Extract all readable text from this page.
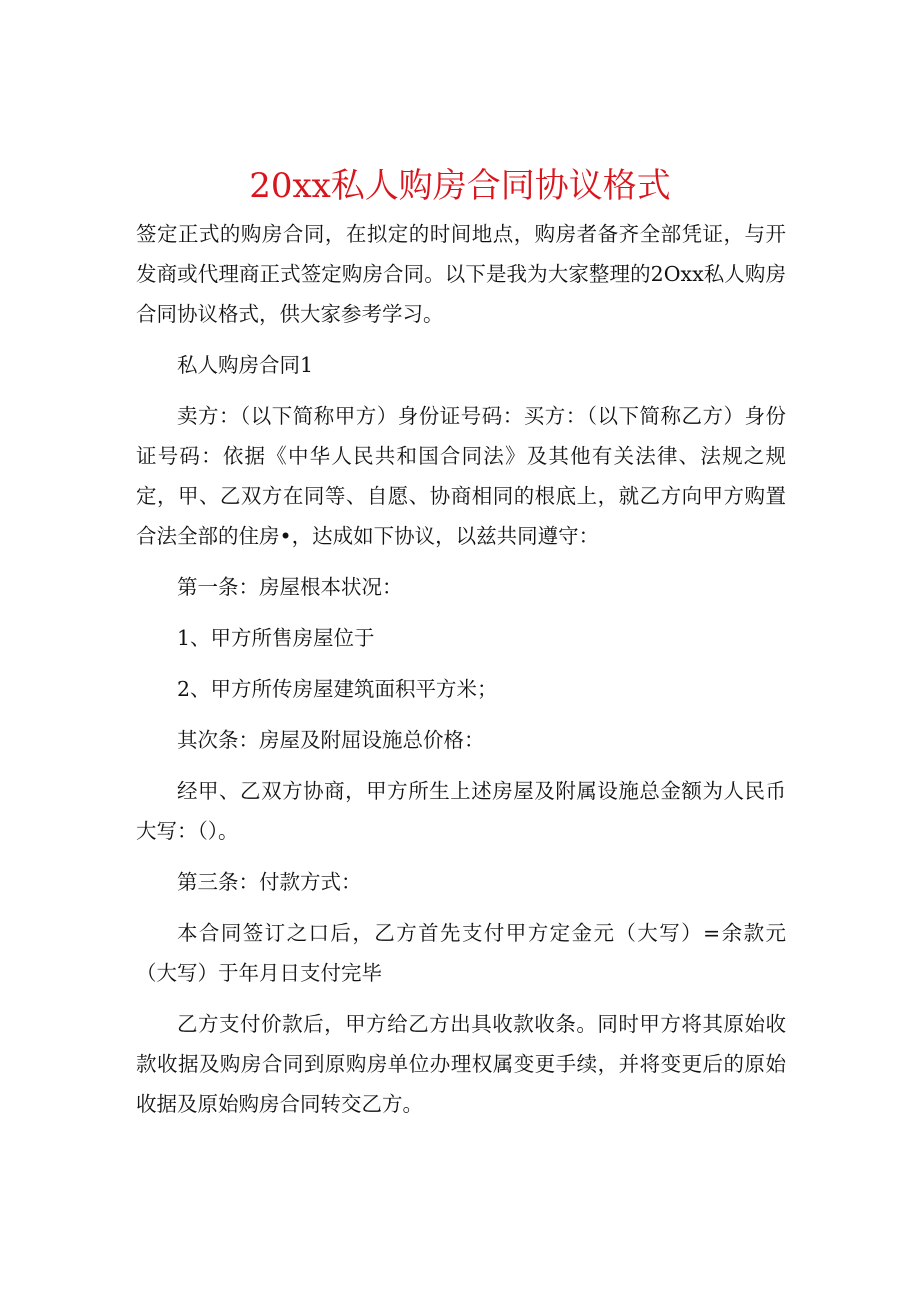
20xx私人购房合同协议格式

签定正式的购房合同，在拟定的时间地点，购房者备齐全部凭证，与开发商或代理商正式签定购房合同。以下是我为大家整理的2Oxx私人购房合同协议格式，供大家参考学习。

私人购房合同1

卖方：（以下简称甲方）身份证号码：买方：（以下简称乙方）身份证号码：依据《中华人民共和国合同法》及其他有关法律、法规之规定，甲、乙双方在同等、自愿、协商相同的根底上，就乙方向甲方购置合法全部的住房•，达成如下协议，以兹共同遵守：

第一条：房屋根本状况：

1、甲方所售房屋位于

2、甲方所传房屋建筑面积平方米；

其次条：房屋及附屈设施总价格：

经甲、乙双方协商，甲方所生上述房屋及附属设施总金额为人民币大写：（）。

第三条：付款方式：

本合同签订之口后，乙方首先支付甲方定金元（大写）=余款元（大写）于年月日支付完毕

乙方支付价款后，甲方给乙方出具收款收条。同时甲方将其原始收款收据及购房合同到原购房单位办理权属变更手续，并将变更后的原始收据及原始购房合同转交乙方。
